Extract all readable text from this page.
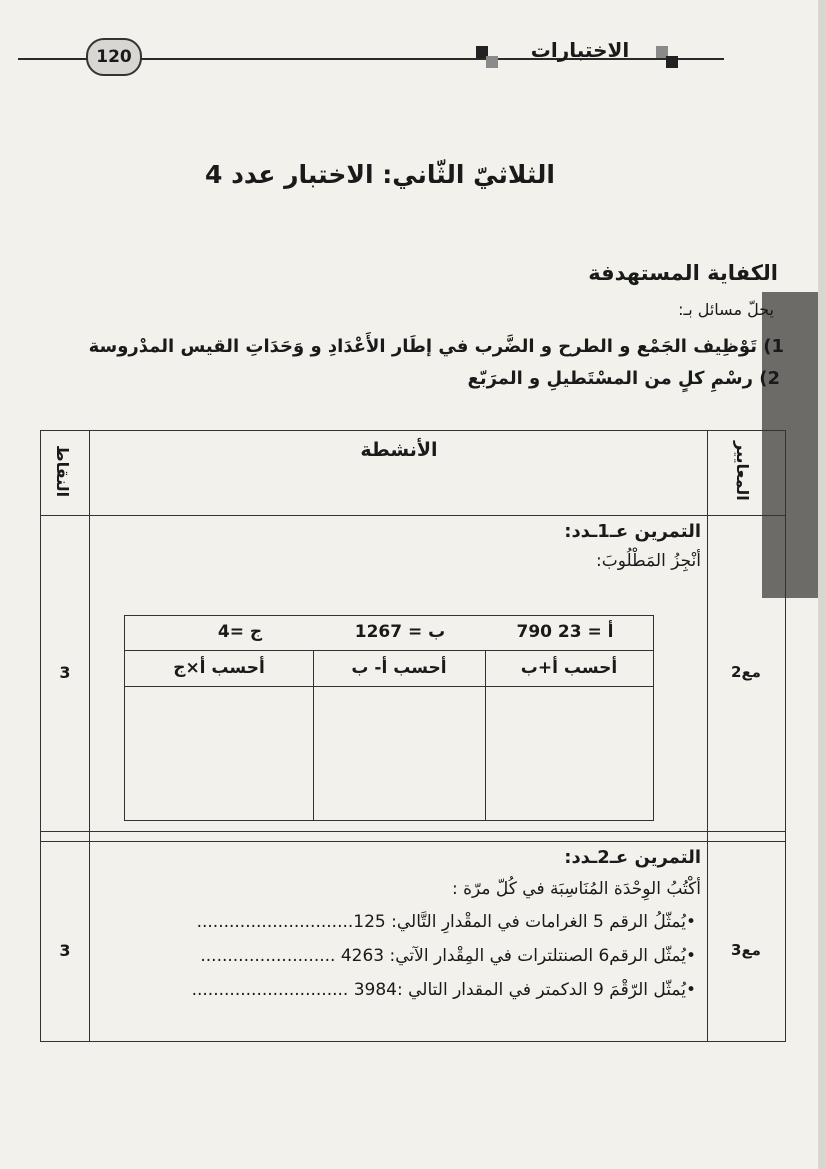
120	الاختبارات
الثلاثيّ الثّاني: الاختبار عدد 4
الكفاية المستهدفة
يحلّ مسائل بـ:
1) تَوْظِيف الجَمْع و الطرح و الضَّرب في إطَار الأَعْدَادِ و وَحَدَاتِ القيس المدْروسة
2) رسْمِ كلٍ من المسْتَطيلِ و المرَبّع
الأنشطة	المعايير
النقاط
مع2
3
التمرين عـ1ـدد:
أنْجِزُ المَطْلُوبَ:
مع3
3
التمرين عـ2ـدد:
أكْتُبُ الوِحْدَة المُنَاسِبَة في كُلّ مرّة :
أ = 23 790
ب = 1267
ج =4
أحسب أ+ب
أحسب أ- ب
أحسب أ×ج
•يُمثّلُ الرقم 5 الغرامات في المقْدارِ التَّالي: 125.............................
•يُمثّل الرقم6 الصنتلترات في المِقْدار الآتي: 4263 .........................
•يُمثّل الرّقْمَ 9 الدكمتر في المقدار التالي :3984 .............................
